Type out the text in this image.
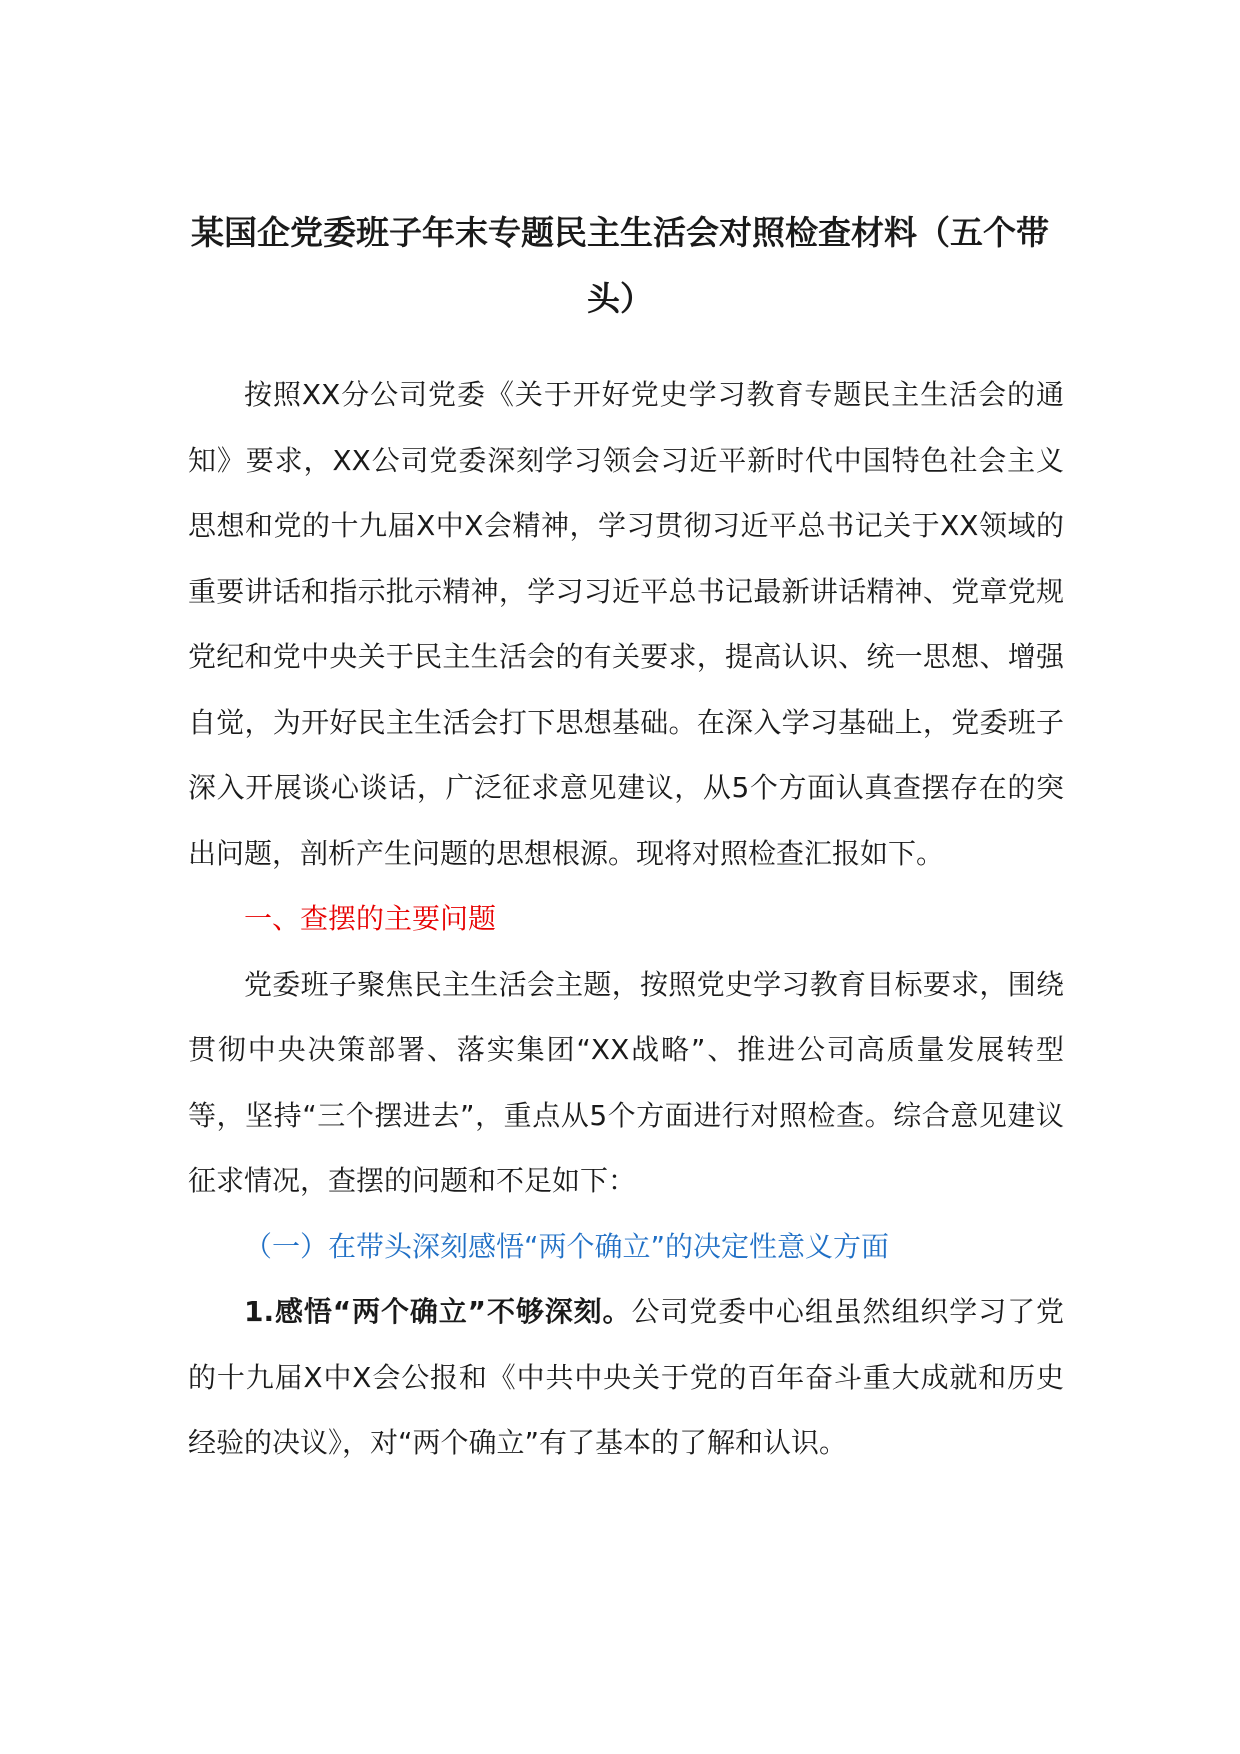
某国企党委班子年末专题民主生活会对照检查材料（五个带头）

按照XX分公司党委《关于开好党史学习教育专题民主生活会的通知》要求，XX公司党委深刻学习领会习近平新时代中国特色社会主义思想和党的十九届X中X会精神，学习贯彻习近平总书记关于XX领域的重要讲话和指示批示精神，学习习近平总书记最新讲话精神、党章党规党纪和党中央关于民主生活会的有关要求，提高认识、统一思想、增强自觉，为开好民主生活会打下思想基础。在深入学习基础上，党委班子深入开展谈心谈话，广泛征求意见建议，从5个方面认真查摆存在的突出问题，剖析产生问题的思想根源。现将对照检查汇报如下。

一、查摆的主要问题

党委班子聚焦民主生活会主题，按照党史学习教育目标要求，围绕贯彻中央决策部署、落实集团“XX战略”、推进公司高质量发展转型等，坚持“三个摆进去”，重点从5个方面进行对照检查。综合意见建议征求情况，查摆的问题和不足如下：

（一）在带头深刻感悟“两个确立”的决定性意义方面

1.感悟“两个确立”不够深刻。公司党委中心组虽然组织学习了党的十九届X中X会公报和《中共中央关于党的百年奋斗重大成就和历史经验的决议》，对“两个确立”有了基本的了解和认识。
